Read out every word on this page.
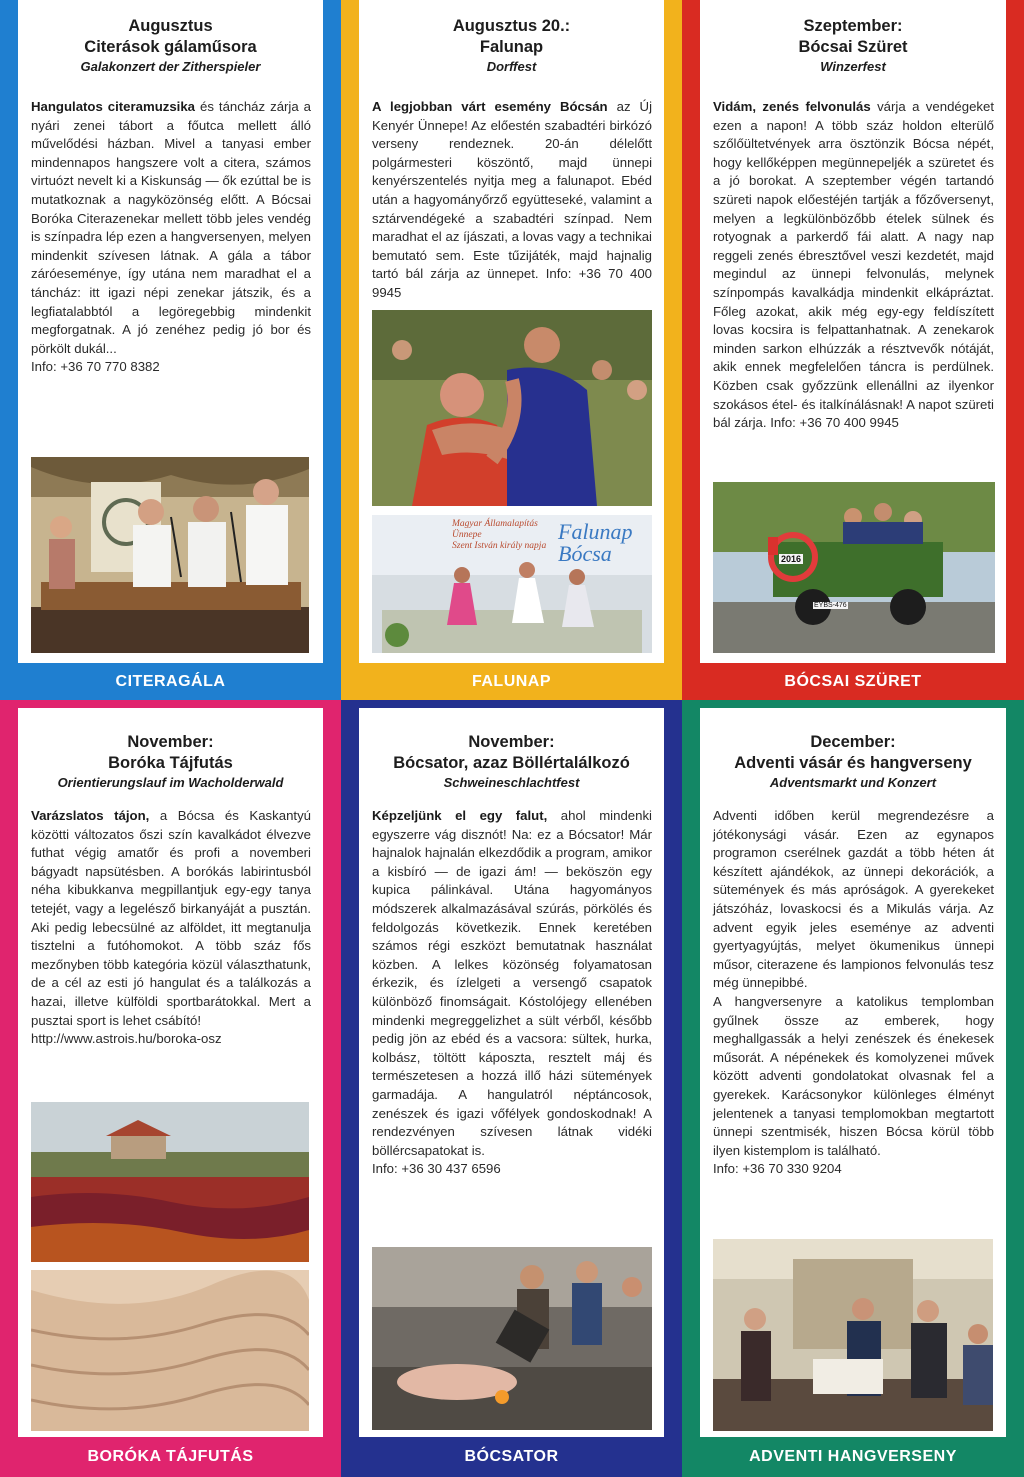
Augusztus
Citerások gálaműsora
Galakonzert der Zitherspieler

Hangulatos citeramuzsika és táncház zárja a nyári zenei tábort a főutca mellett álló művelődési házban. Mivel a tanyasi ember mindennapos hangszere volt a citera, számos virtuózt nevelt ki a Kiskunság — ők ezúttal be is mutatkoznak a nagyközönség előtt. A Bócsai Boróka Citerazenekar mellett több jeles vendég is színpadra lép ezen a hangversenyen, melyen mindenkit szívesen látnak. A gála a tábor záróeseménye, így utána nem maradhat el a táncház: itt igazi népi zenekar játszik, és a legfiatalabbtól a legöregebbig mindenkit megforgatnak. A jó zenéhez pedig jó bor és pörkölt dukál...

Info: +36 70 770 8382

CITERAGÁLA
Augusztus 20.:
Falunap
Dorffest

A legjobban várt esemény Bócsán az Új Kenyér Ünnepe! Az előestén szabadtéri birkózó verseny rendeznek. 20-án délelőtt polgármesteri köszöntő, majd ünnepi kenyérszentelés nyitja meg a falunapot. Ebéd után a hagyományőrző együtteseké, valamint a sztárvendégeké a szabadtéri színpad. Nem maradhat el az íjászati, a lovas vagy a technikai bemutató sem. Este tűzijáték, majd hajnalig tartó bál zárja az ünnepet. Info: +36 70 400 9945

Magyar Államalapítás Ünnepe
Szent István király napja
Falunap Bócsa
FALUNAP
Szeptember:
Bócsai Szüret
Winzerfest

Vidám, zenés felvonulás várja a vendégeket ezen a napon! A több száz holdon elterülő szőlőültetvények arra ösztönzik Bócsa népét, hogy kellőképpen megünnepeljék a szüretet és a jó borokat. A szeptember végén tartandó szüreti napok előestéjén tartják a főzőversenyt, melyen a legkülönbözőbb ételek sülnek és rotyognak a parkerdő fái alatt. A nagy nap reggeli zenés ébresztővel veszi kezdetét, majd megindul az ünnepi felvonulás, melynek színpompás kavalkádja mindenkit elkápráztat. Főleg azokat, akik még egy-egy feldíszített lovas kocsira is felpattanhatnak. A zenekarok minden sarkon elhúzzák a résztvevők nótáját, akik ennek megfelelően táncra is perdülnek. Közben csak győzzünk ellenállni az ilyenkor szokásos étel- és italkínálásnak! A napot szüreti bál zárja. Info: +36 70 400 9945

2016
EYBS-476
BÓCSAI SZÜRET
November:
Boróka Tájfutás
Orientierungslauf im Wacholderwald

Varázslatos tájon, a Bócsa és Kaskantyú közötti változatos őszi szín kavalkádot élvezve futhat végig amatőr és profi a novemberi bágyadt napsütésben. A borókás labirintusból néha kibukkanva megpillantjuk egy-egy tanya tetejét, vagy a legelésző birkanyáját a pusztán. Aki pedig lebecsülné az alföldet, itt megtanulja tisztelni a futóhomokot. A több száz fős mezőnyben több kategória közül választhatunk, de a cél az esti jó hangulat és a találkozás a hazai, illetve külföldi sportbarátokkal. Mert a pusztai sport is lehet csábító!

http://www.astrois.hu/boroka-osz

BORÓKA TÁJFUTÁS
November:
Bócsator, azaz Böllértalálkozó
Schweineschlachtfest

Képzeljünk el egy falut, ahol mindenki egyszerre vág disznót! Na: ez a Bócsator! Már hajnalok hajnalán elkezdődik a program, amikor a kisbíró — de igazi ám! — beköszön egy kupica pálinkával. Utána hagyományos módszerek alkalmazásával szúrás, pörkölés és feldolgozás következik. Ennek keretében számos régi eszközt bemutatnak használat közben. A lelkes közönség folyamatosan érkezik, és ízlelgeti a versengő csapatok különböző finomságait. Kóstolójegy ellenében mindenki megreggelizhet a sült vérből, később pedig jön az ebéd és a vacsora: sültek, hurka, kolbász, töltött káposzta, resztelt máj és természetesen a hozzá illő házi sütemények garmadája. A hangulatról néptáncosok, zenészek és igazi vőfélyek gondoskodnak! A rendezvényen szívesen látnak vidéki böllércsapatokat is.

Info: +36 30 437 6596

BÓCSATOR
December:
Adventi vásár és hangverseny
Adventsmarkt und Konzert

Adventi időben kerül megrendezésre a jótékonysági vásár. Ezen az egynapos programon cserélnek gazdát a több héten át készített ajándékok, az ünnepi dekorációk, a sütemények és más apróságok. A gyerekeket játszóház, lovaskocsi és a Mikulás várja. Az advent egyik jeles eseménye az adventi gyertyagyújtás, melyet ökumenikus ünnepi műsor, citerazene és lampionos felvonulás tesz még ünnepibbé.

A hangversenyre a katolikus templomban gyűlnek össze az emberek, hogy meghallgassák a helyi zenészek és énekesek műsorát. A népénekek és komolyzenei művek között adventi gondolatokat olvasnak fel a gyerekek. Karácsonykor különleges élményt jelentenek a tanyasi templomokban megtartott ünnepi szentmisék, hiszen Bócsa körül több ilyen kistemplom is található.

Info: +36 70 330 9204

ADVENTI HANGVERSENY
